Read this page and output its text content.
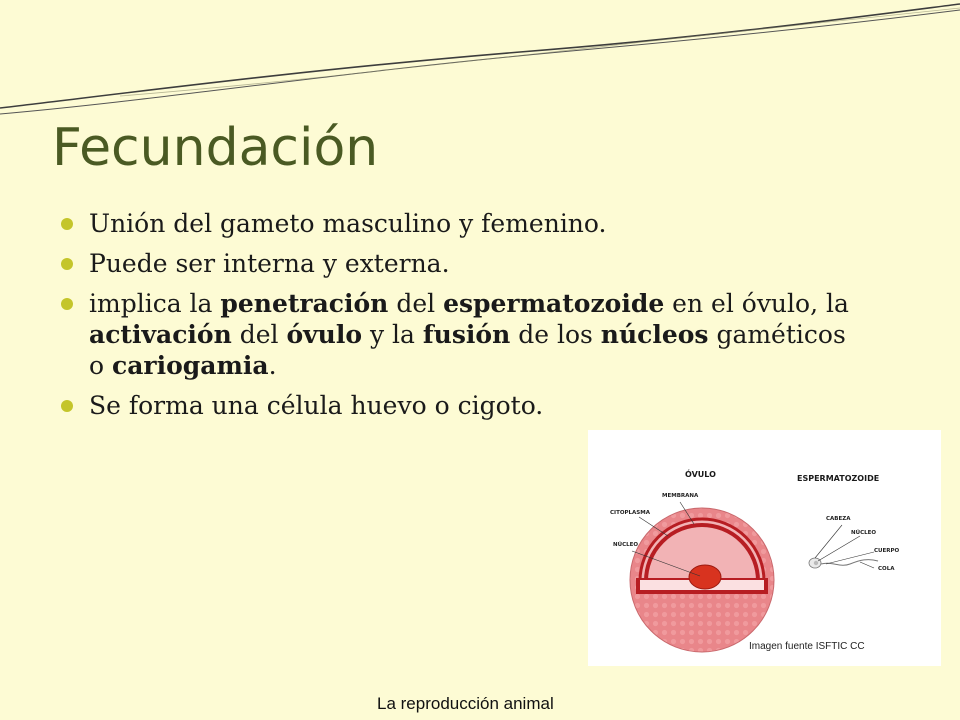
Fecundación
Unión del gameto masculino y femenino.
Puede ser interna y externa.
implica la penetración del espermatozoide en el óvulo, la activación del óvulo y la fusión de los núcleos gaméticos o cariogamia.
Se forma una célula huevo o cigoto.
ÓVULO	ESPERMATOZOIDE
MEMBRANA
CITOPLASMA
NÚCLEO
CABEZA
NÚCLEO
CUERPO
COLA
Imagen fuente ISFTIC CC
La reproducción animal
